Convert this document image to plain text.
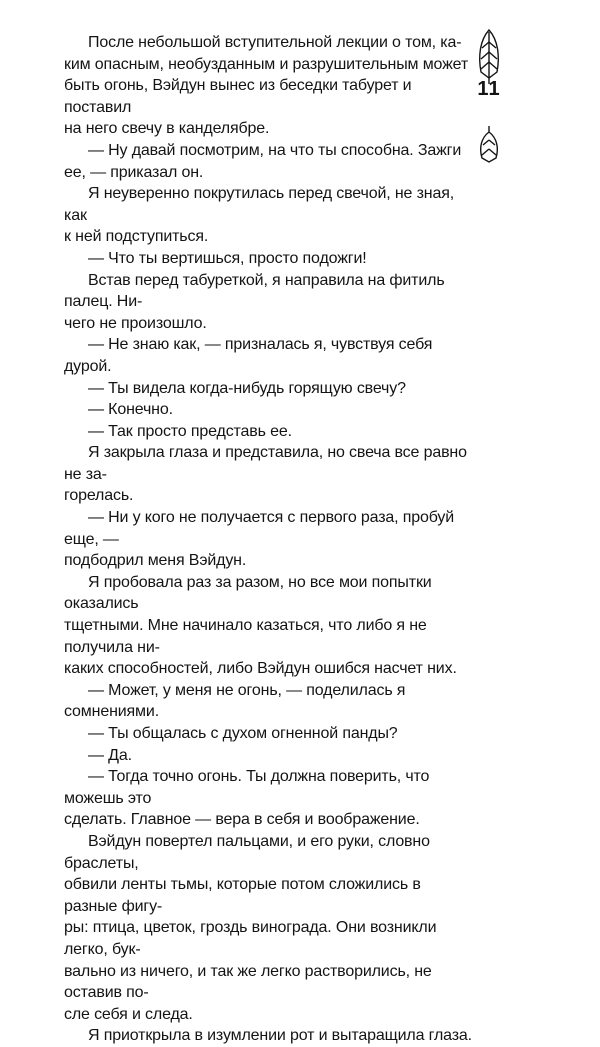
После небольшой вступительной лекции о том, ка-

ким опасным, необузданным и разрушительным может

быть огонь, Вэйдун вынес из беседки табурет и поставил

на него свечу в канделябре.

— Ну давай посмотрим, на что ты способна. Зажги

ее, — приказал он.

Я неуверенно покрутилась перед свечой, не зная, как

к ней подступиться.

— Что ты вертишься, просто подожги!

Встав перед табуреткой, я направила на фитиль палец. Ни-

чего не произошло.

— Не знаю как, — призналась я, чувствуя себя дурой.

— Ты видела когда-нибудь горящую свечу?

— Конечно.

— Так просто представь ее.

Я закрыла глаза и представила, но свеча все равно не за-

горелась.

— Ни у кого не получается с первого раза, пробуй еще, —

подбодрил меня Вэйдун.

Я пробовала раз за разом, но все мои попытки оказались

тщетными. Мне начинало казаться, что либо я не получила ни-

каких способностей, либо Вэйдун ошибся насчет них.

— Может, у меня не огонь, — поделилась я сомнениями.

— Ты общалась с духом огненной панды?

— Да.

— Тогда точно огонь. Ты должна поверить, что можешь это

сделать. Главное — вера в себя и воображение.

Вэйдун повертел пальцами, и его руки, словно браслеты,

обвили ленты тьмы, которые потом сложились в разные фигу-

ры: птица, цветок, гроздь винограда. Они возникли легко, бук-

вально из ничего, и так же легко растворились, не оставив по-

сле себя и следа.

Я приоткрыла в изумлении рот и вытаращила глаза.

11
